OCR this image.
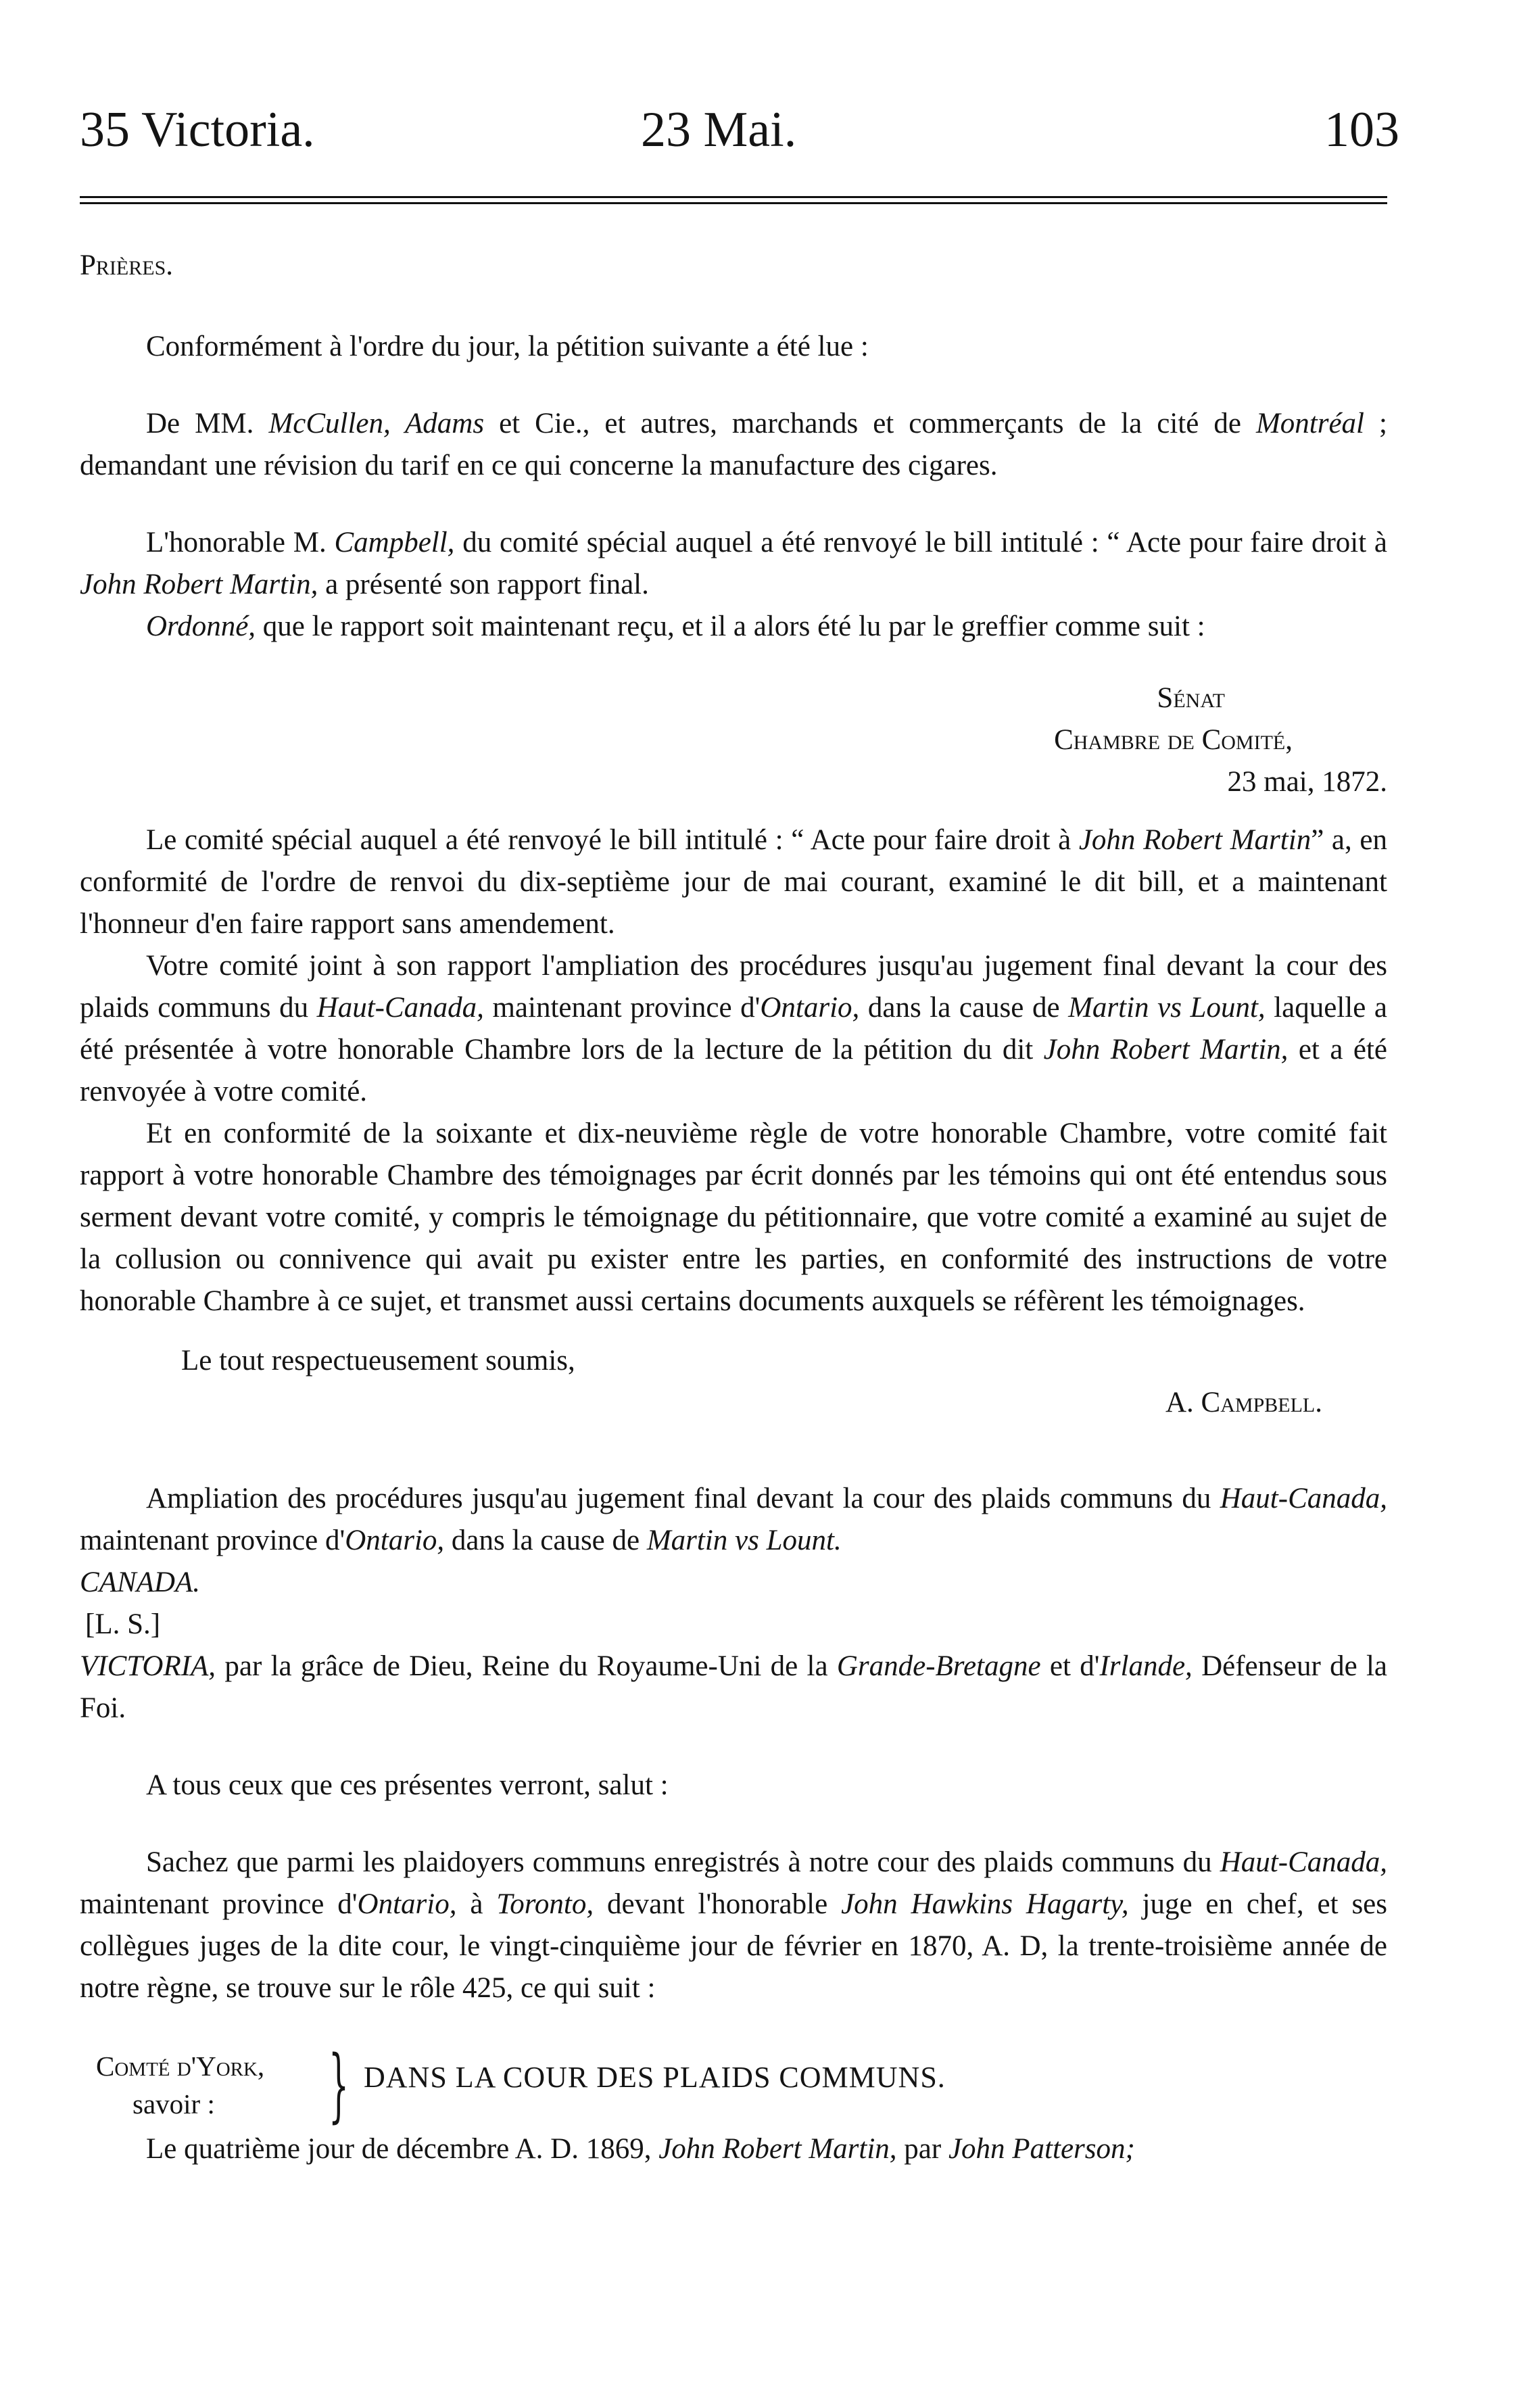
35 Victoria.	23 Mai.	103

Prières.

Conformément à l'ordre du jour, la pétition suivante a été lue :

De MM. McCullen, Adams et Cie., et autres, marchands et commerçants de la cité de Montréal ; demandant une révision du tarif en ce qui concerne la manufacture des cigares.

L'honorable M. Campbell, du comité spécial auquel a été renvoyé le bill intitulé : “ Acte pour faire droit à John Robert Martin, a présenté son rapport final.

Ordonné, que le rapport soit maintenant reçu, et il a alors été lu par le greffier comme suit :

Sénat
Chambre de Comité,
23 mai, 1872.

Le comité spécial auquel a été renvoyé le bill intitulé : “ Acte pour faire droit à John Robert Martin” a, en conformité de l'ordre de renvoi du dix-septième jour de mai courant, examiné le dit bill, et a maintenant l'honneur d'en faire rapport sans amendement.

Votre comité joint à son rapport l'ampliation des procédures jusqu'au jugement final devant la cour des plaids communs du Haut-Canada, maintenant province d'Ontario, dans la cause de Martin vs Lount, laquelle a été présentée à votre honorable Chambre lors de la lecture de la pétition du dit John Robert Martin, et a été renvoyée à votre comité.

Et en conformité de la soixante et dix-neuvième règle de votre honorable Chambre, votre comité fait rapport à votre honorable Chambre des témoignages par écrit donnés par les témoins qui ont été entendus sous serment devant votre comité, y compris le témoignage du pétitionnaire, que votre comité a examiné au sujet de la collusion ou connivence qui avait pu exister entre les parties, en conformité des instructions de votre honorable Chambre à ce sujet, et transmet aussi certains documents auxquels se réfèrent les témoignages.

Le tout respectueusement soumis,
A. Campbell.

Ampliation des procédures jusqu'au jugement final devant la cour des plaids communs du Haut-Canada, maintenant province d'Ontario, dans la cause de Martin vs Lount.

CANADA.

[L. S.]

VICTORIA, par la grâce de Dieu, Reine du Royaume-Uni de la Grande-Bretagne et d'Irlande, Défenseur de la Foi.

A tous ceux que ces présentes verront, salut :

Sachez que parmi les plaidoyers communs enregistrés à notre cour des plaids communs du Haut-Canada, maintenant province d'Ontario, à Toronto, devant l'honorable John Hawkins Hagarty, juge en chef, et ses collègues juges de la dite cour, le vingt-cinquième jour de février en 1870, A. D, la trente-troisième année de notre règne, se trouve sur le rôle 425, ce qui suit :

Comté d'York,
savoir :	} DANS LA COUR DES PLAIDS COMMUNS.

Le quatrième jour de décembre A. D. 1869, John Robert Martin, par John Patterson;
